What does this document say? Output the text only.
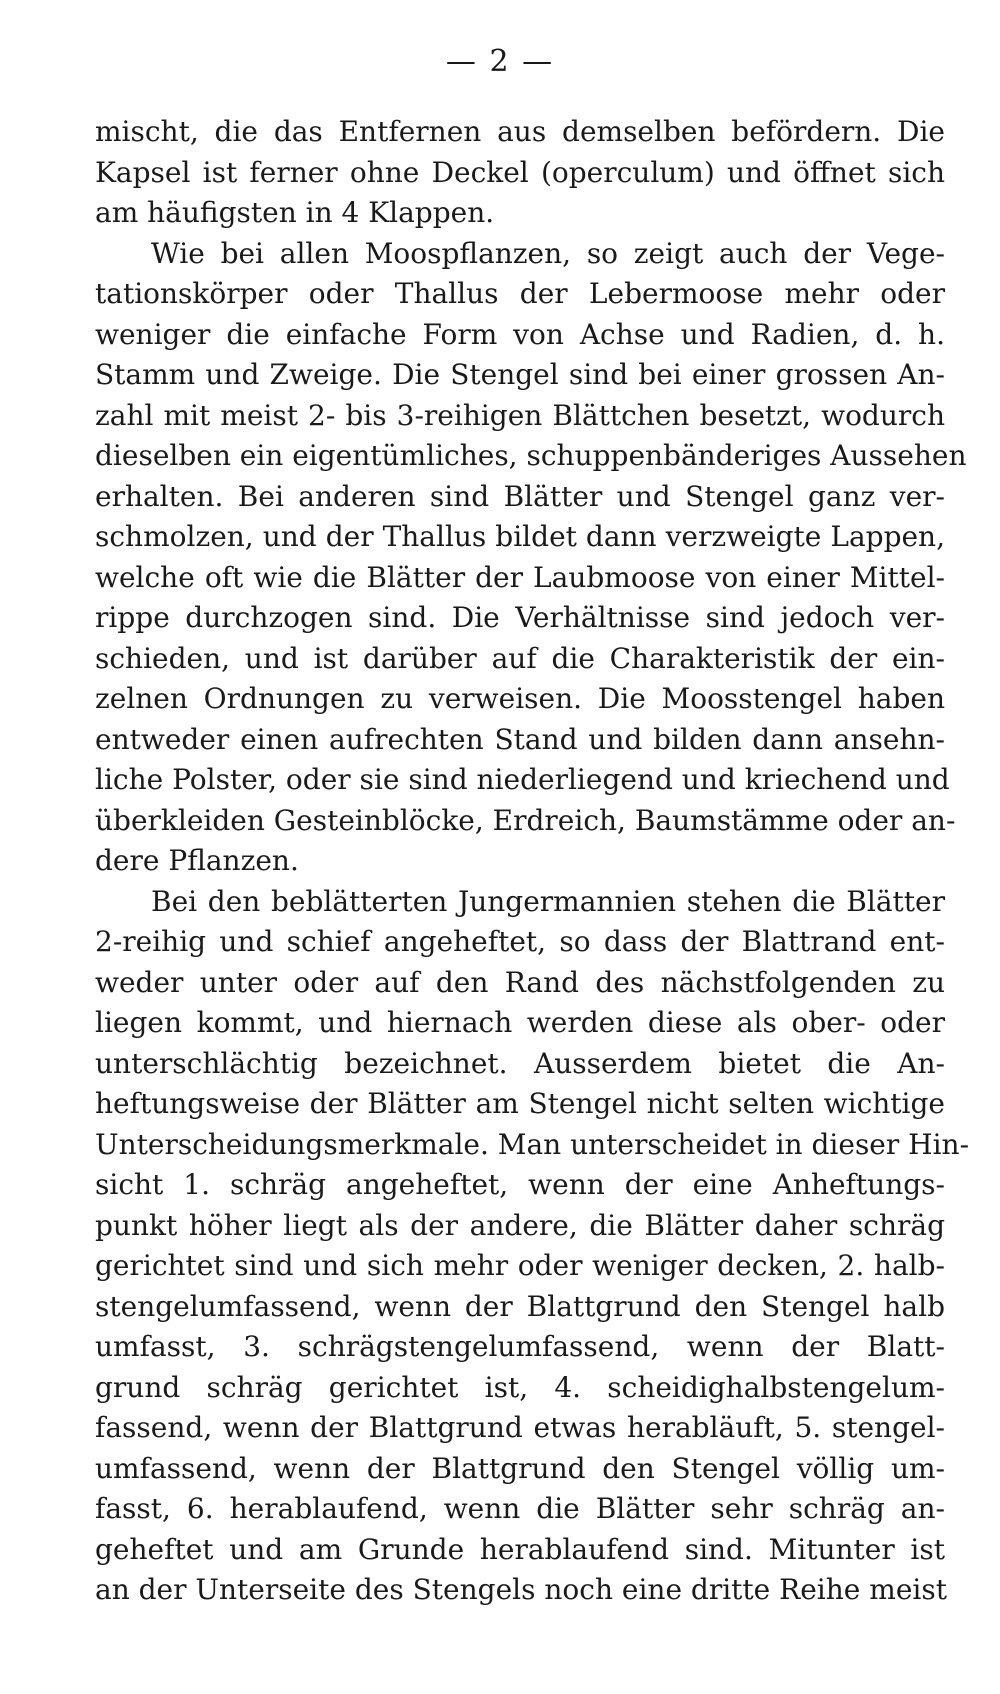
— 2 —
mischt, die das Entfernen aus demselben befördern. Die
Kapsel ist ferner ohne Deckel (operculum) und öffnet sich
am häufigsten in 4 Klappen.
Wie bei allen Moospflanzen, so zeigt auch der Vege-
tationskörper oder Thallus der Lebermoose mehr oder
weniger die einfache Form von Achse und Radien, d. h.
Stamm und Zweige. Die Stengel sind bei einer grossen An-
zahl mit meist 2- bis 3-reihigen Blättchen besetzt, wodurch
dieselben ein eigentümliches, schuppenbänderiges Aussehen
erhalten. Bei anderen sind Blätter und Stengel ganz ver-
schmolzen, und der Thallus bildet dann verzweigte Lappen,
welche oft wie die Blätter der Laubmoose von einer Mittel-
rippe durchzogen sind. Die Verhältnisse sind jedoch ver-
schieden, und ist darüber auf die Charakteristik der ein-
zelnen Ordnungen zu verweisen. Die Moosstengel haben
entweder einen aufrechten Stand und bilden dann ansehn-
liche Polster, oder sie sind niederliegend und kriechend und
überkleiden Gesteinblöcke, Erdreich, Baumstämme oder an-
dere Pflanzen.
Bei den beblätterten Jungermannien stehen die Blätter
2-reihig und schief angeheftet, so dass der Blattrand ent-
weder unter oder auf den Rand des nächstfolgenden zu
liegen kommt, und hiernach werden diese als ober- oder
unterschlächtig bezeichnet. Ausserdem bietet die An-
heftungsweise der Blätter am Stengel nicht selten wichtige
Unterscheidungsmerkmale. Man unterscheidet in dieser Hin-
sicht 1. schräg angeheftet, wenn der eine Anheftungs-
punkt höher liegt als der andere, die Blätter daher schräg
gerichtet sind und sich mehr oder weniger decken, 2. halb-
stengelumfassend, wenn der Blattgrund den Stengel halb
umfasst, 3. schrägstengelumfassend, wenn der Blatt-
grund schräg gerichtet ist, 4. scheidighalbstengelum-
fassend, wenn der Blattgrund etwas herabläuft, 5. stengel-
umfassend, wenn der Blattgrund den Stengel völlig um-
fasst, 6. herablaufend, wenn die Blätter sehr schräg an-
geheftet und am Grunde herablaufend sind. Mitunter ist
an der Unterseite des Stengels noch eine dritte Reihe meist
